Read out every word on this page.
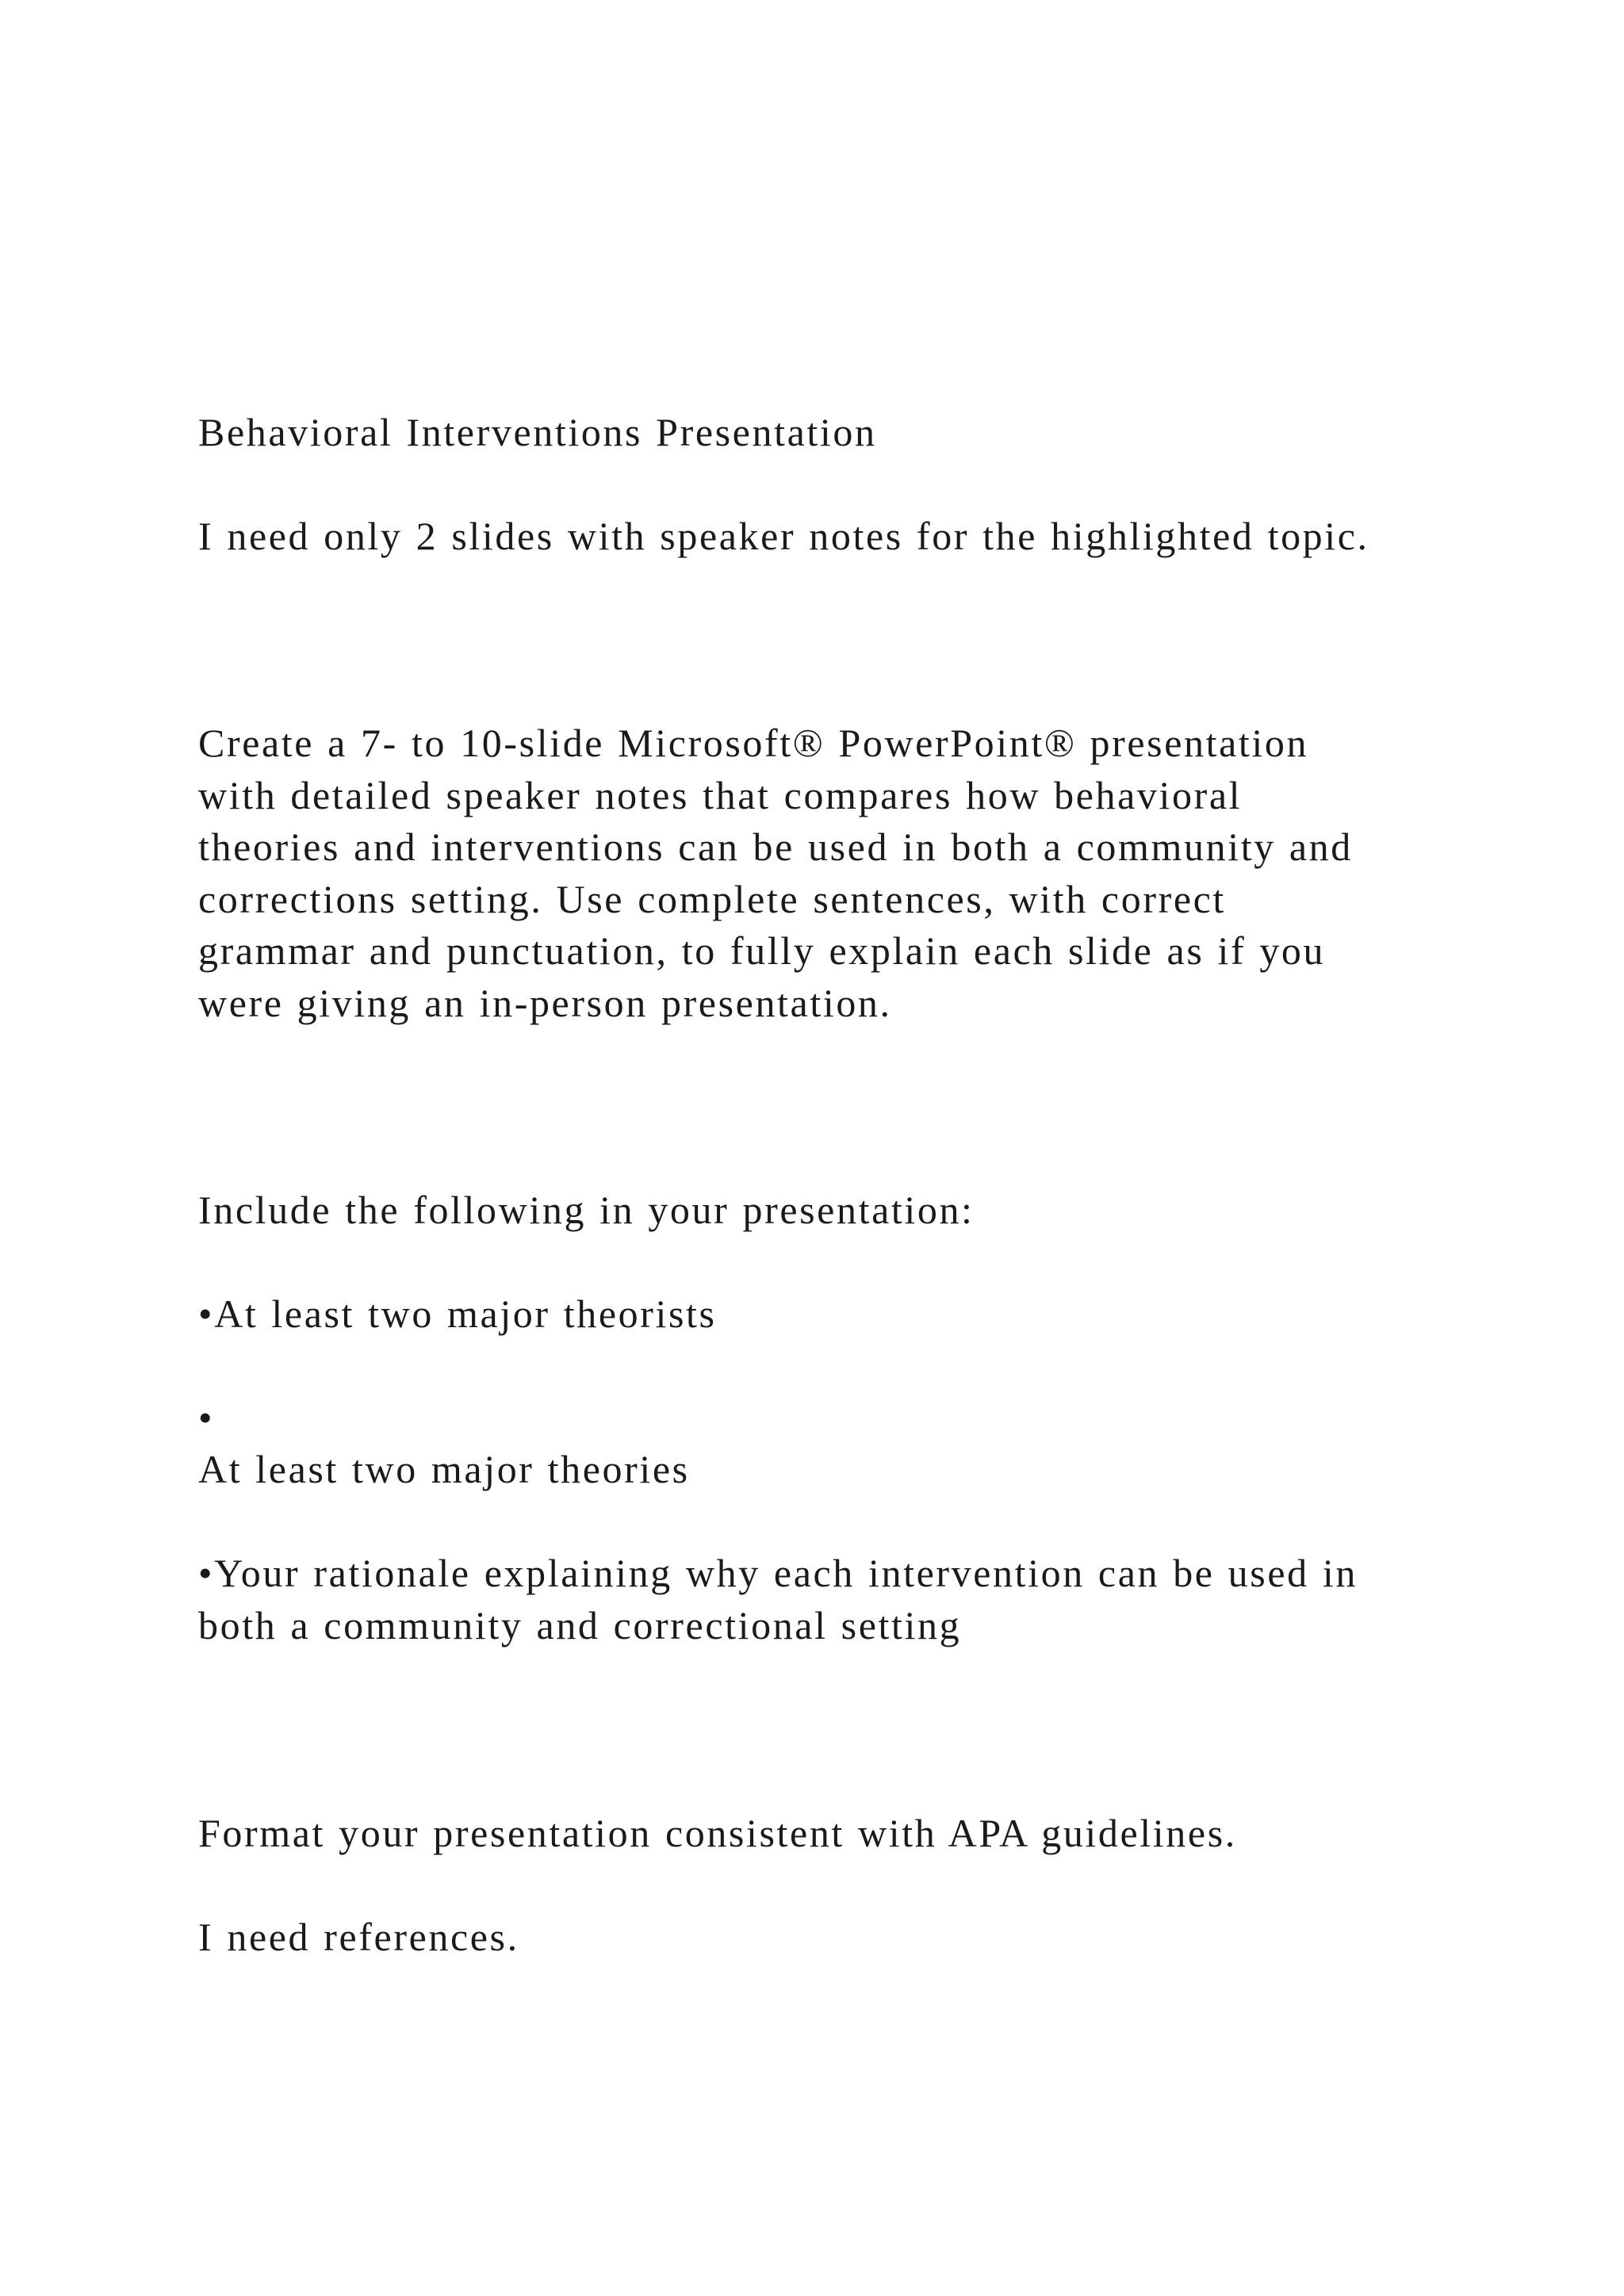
Behavioral Interventions Presentation

I need only 2 slides with speaker notes for the highlighted topic.

Create a 7- to 10-slide Microsoft® PowerPoint® presentation

with detailed speaker notes that compares how behavioral

theories and interventions can be used in both a community and

corrections setting. Use complete sentences, with correct

grammar and punctuation, to fully explain each slide as if you

were giving an in-person presentation.

Include the following in your presentation:

•At least two major theorists

•

At least two major theories

•Your rationale explaining why each intervention can be used in

both a community and correctional setting

Format your presentation consistent with APA guidelines.

I need references.
